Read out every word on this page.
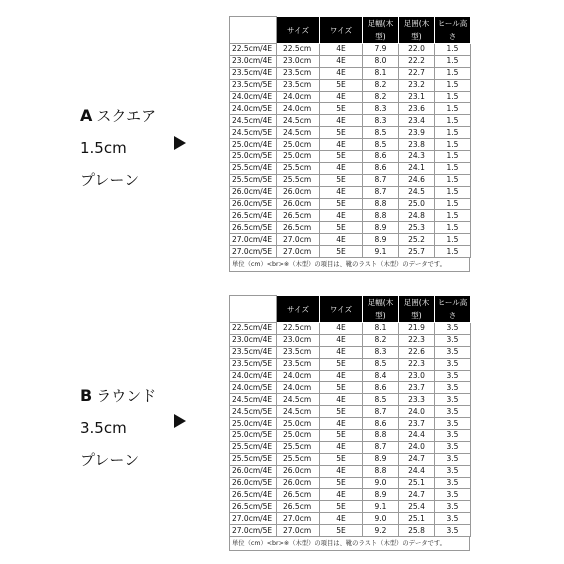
A スクエア
1.5cm
プレーン
	サイズ	ワイズ	足幅(木型)	足囲(木型)	ヒール高さ
22.5cm/4E	22.5cm	4E	7.9	22.0	1.5
23.0cm/4E	23.0cm	4E	8.0	22.2	1.5
23.5cm/4E	23.5cm	4E	8.1	22.7	1.5
23.5cm/5E	23.5cm	5E	8.2	23.2	1.5
24.0cm/4E	24.0cm	4E	8.2	23.1	1.5
24.0cm/5E	24.0cm	5E	8.3	23.6	1.5
24.5cm/4E	24.5cm	4E	8.3	23.4	1.5
24.5cm/5E	24.5cm	5E	8.5	23.9	1.5
25.0cm/4E	25.0cm	4E	8.5	23.8	1.5
25.0cm/5E	25.0cm	5E	8.6	24.3	1.5
25.5cm/4E	25.5cm	4E	8.6	24.1	1.5
25.5cm/5E	25.5cm	5E	8.7	24.6	1.5
26.0cm/4E	26.0cm	4E	8.7	24.5	1.5
26.0cm/5E	26.0cm	5E	8.8	25.0	1.5
26.5cm/4E	26.5cm	4E	8.8	24.8	1.5
26.5cm/5E	26.5cm	5E	8.9	25.3	1.5
27.0cm/4E	27.0cm	4E	8.9	25.2	1.5
27.0cm/5E	27.0cm	5E	9.1	25.7	1.5
単位（cm）<br>※（木型）の項目は、靴のラスト（木型）のデータです。
B ラウンド
3.5cm
プレーン
	サイズ	ワイズ	足幅(木型)	足囲(木型)	ヒール高さ
22.5cm/4E	22.5cm	4E	8.1	21.9	3.5
23.0cm/4E	23.0cm	4E	8.2	22.3	3.5
23.5cm/4E	23.5cm	4E	8.3	22.6	3.5
23.5cm/5E	23.5cm	5E	8.5	22.3	3.5
24.0cm/4E	24.0cm	4E	8.4	23.0	3.5
24.0cm/5E	24.0cm	5E	8.6	23.7	3.5
24.5cm/4E	24.5cm	4E	8.5	23.3	3.5
24.5cm/5E	24.5cm	5E	8.7	24.0	3.5
25.0cm/4E	25.0cm	4E	8.6	23.7	3.5
25.0cm/5E	25.0cm	5E	8.8	24.4	3.5
25.5cm/4E	25.5cm	4E	8.7	24.0	3.5
25.5cm/5E	25.5cm	5E	8.9	24.7	3.5
26.0cm/4E	26.0cm	4E	8.8	24.4	3.5
26.0cm/5E	26.0cm	5E	9.0	25.1	3.5
26.5cm/4E	26.5cm	4E	8.9	24.7	3.5
26.5cm/5E	26.5cm	5E	9.1	25.4	3.5
27.0cm/4E	27.0cm	4E	9.0	25.1	3.5
27.0cm/5E	27.0cm	5E	9.2	25.8	3.5
単位（cm）<br>※（木型）の項目は、靴のラスト（木型）のデータです。
